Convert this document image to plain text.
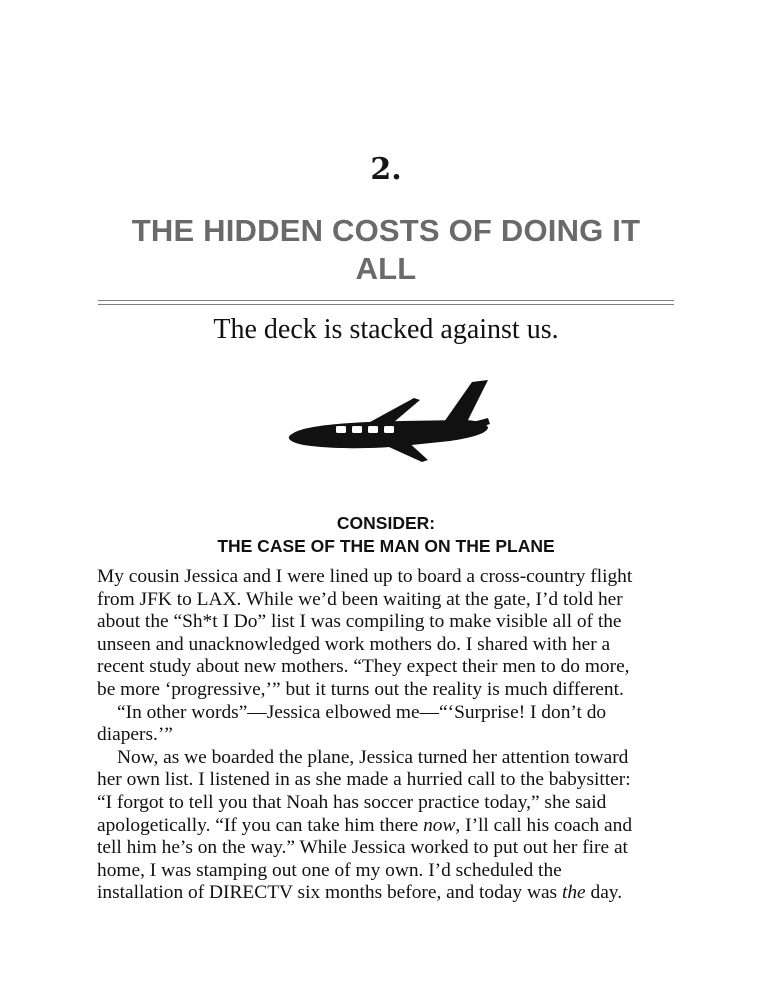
2.
THE HIDDEN COSTS OF DOING IT
ALL
The deck is stacked against us.
CONSIDER:
THE CASE OF THE MAN ON THE PLANE
My cousin Jessica and I were lined up to board a cross-country flight
from JFK to LAX. While we’d been waiting at the gate, I’d told her
about the “Sh*t I Do” list I was compiling to make visible all of the
unseen and unacknowledged work mothers do. I shared with her a
recent study about new mothers. “They expect their men to do more,
be more ‘progressive,’” but it turns out the reality is much different.
“In other words”—Jessica elbowed me—“‘Surprise! I don’t do
diapers.’”
Now, as we boarded the plane, Jessica turned her attention toward
her own list. I listened in as she made a hurried call to the babysitter:
“I forgot to tell you that Noah has soccer practice today,” she said
apologetically. “If you can take him there now, I’ll call his coach and
tell him he’s on the way.” While Jessica worked to put out her fire at
home, I was stamping out one of my own. I’d scheduled the
installation of DIRECTV six months before, and today was the day.
